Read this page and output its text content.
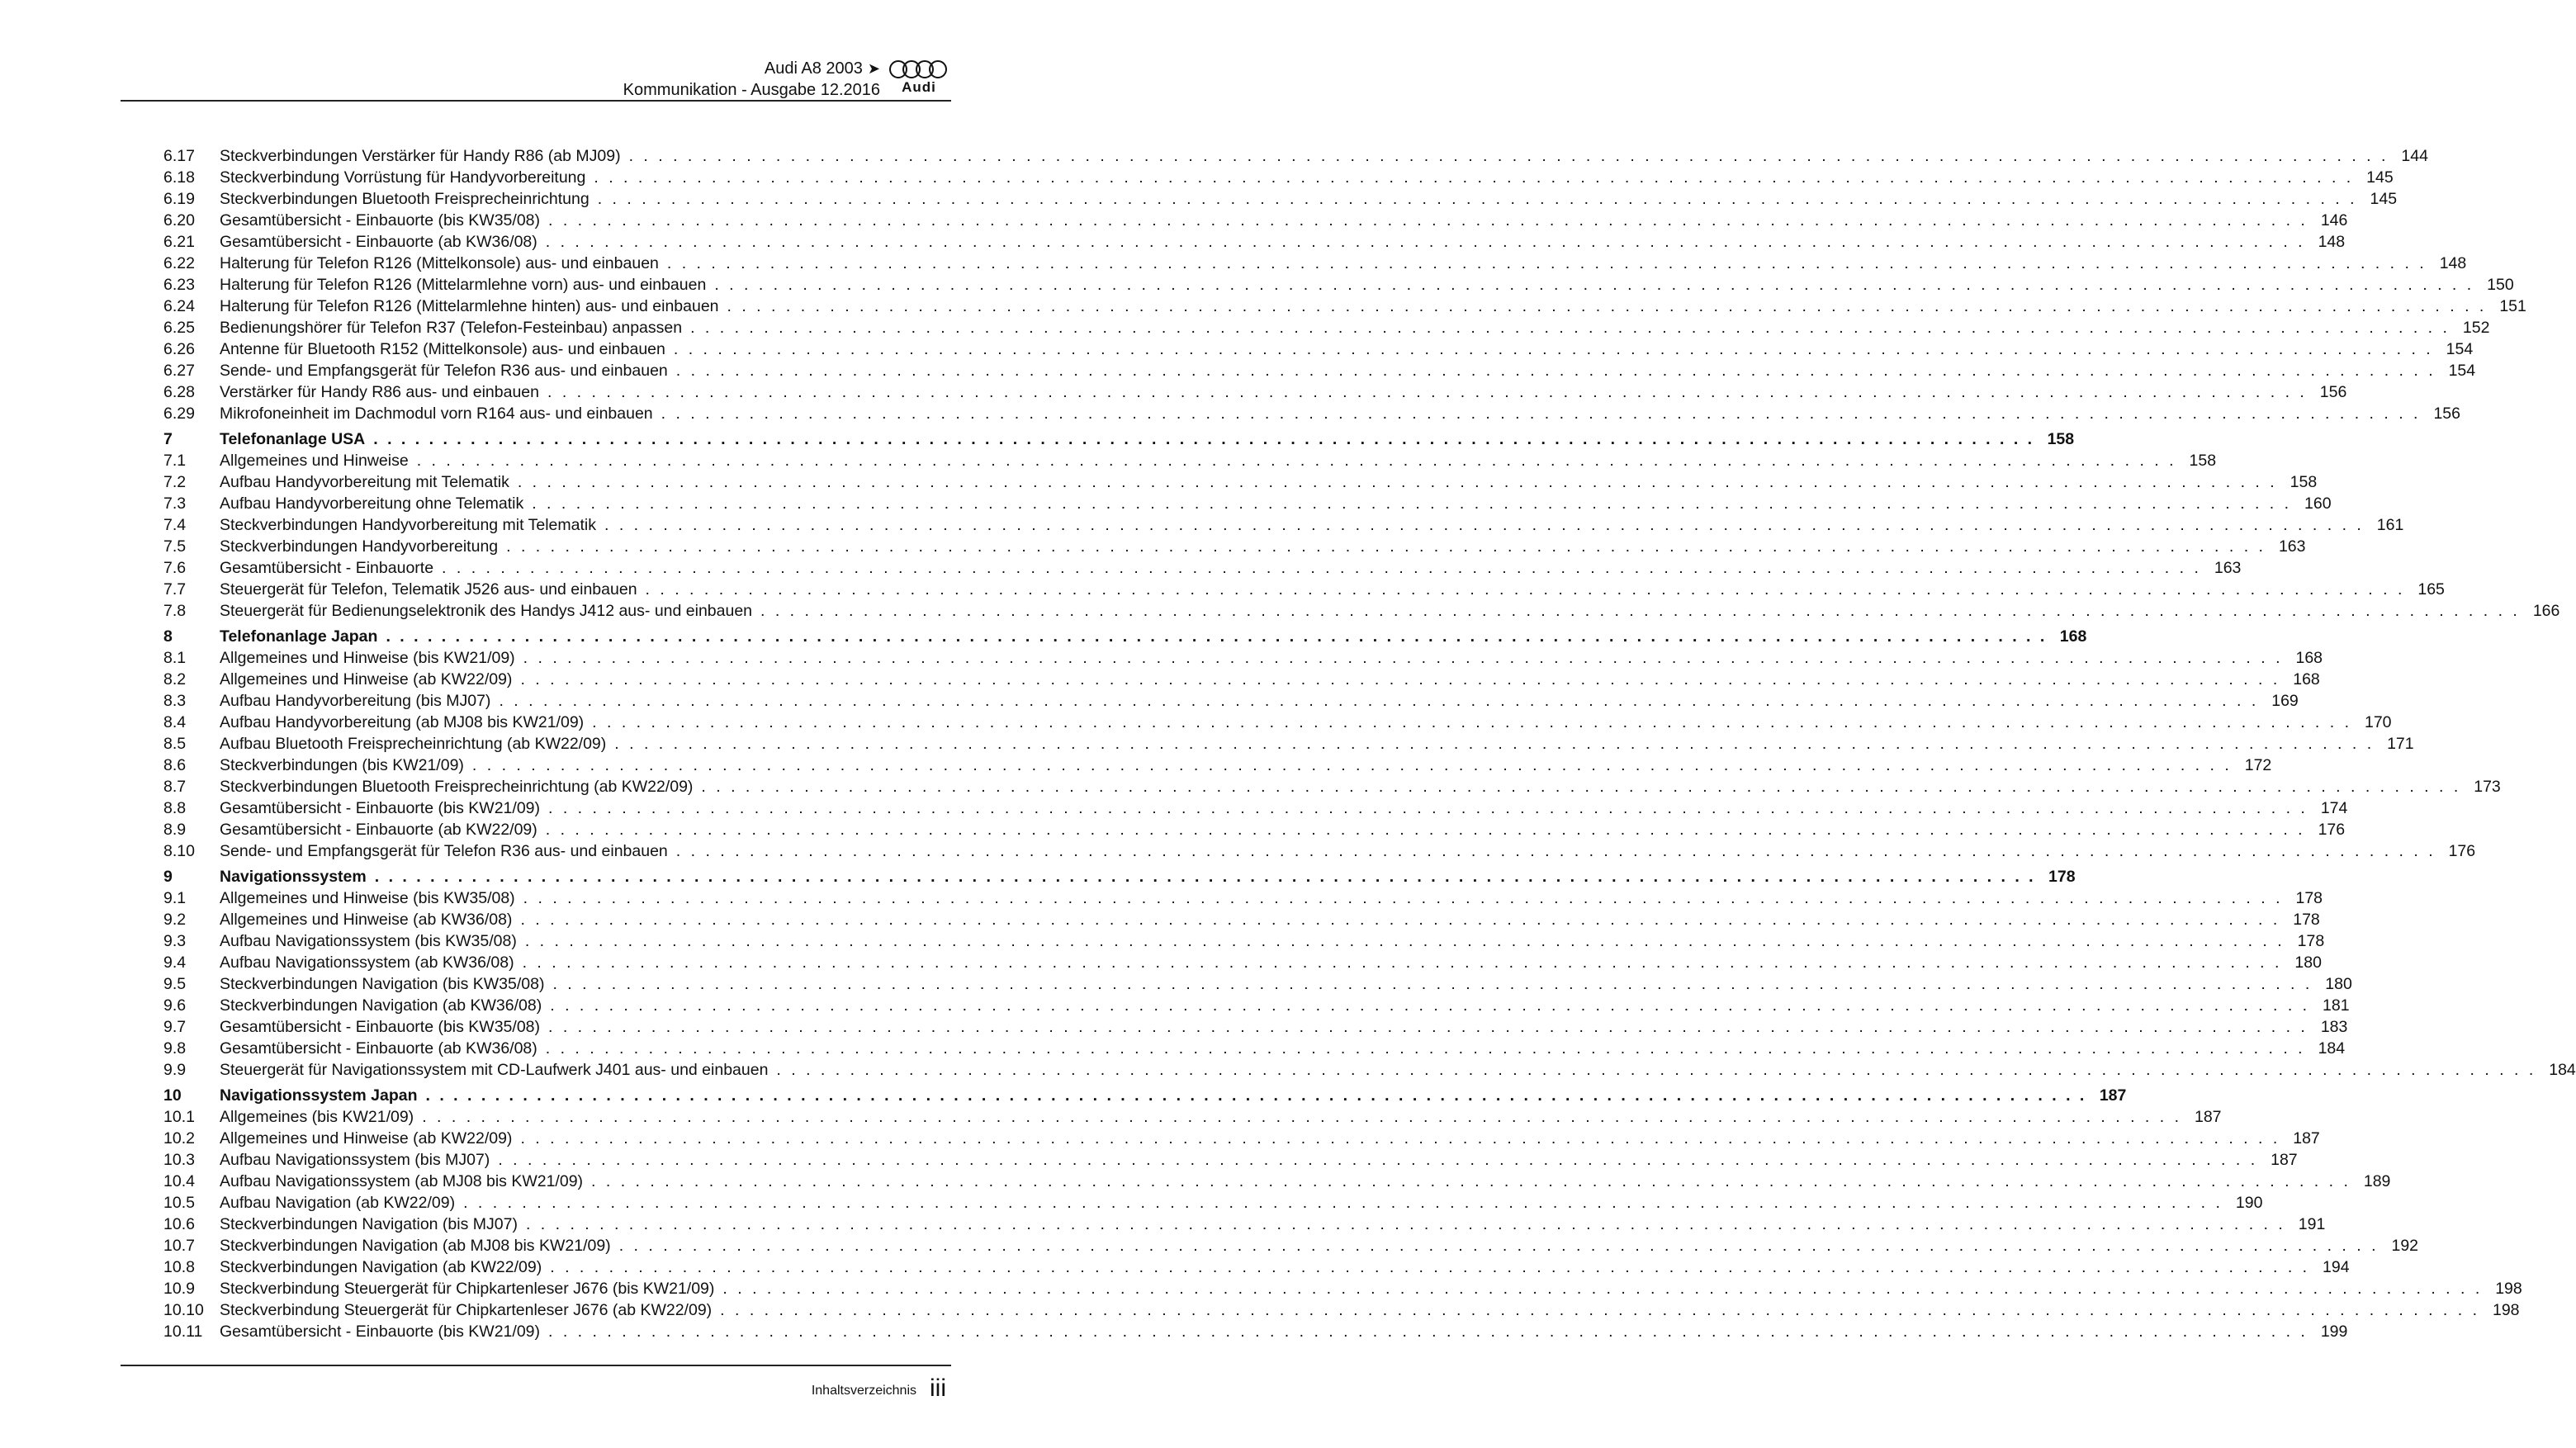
Audi A8 2003 ➤
Kommunikation - Ausgabe 12.2016	Audi
6.17	Steckverbindungen Verstärker für Handy R86 (ab MJ09) . . . . . . . . . . . . . . . . . . . . . . . . . . . . . . . . . . . . . . . . . . . . . . . . . . . . . . . . . . . . . . . . . . . . . . . . . . . . . . . . . . . . . . . . . . . . . . . . . . . . . . . . . . . . . . . . . . . . . . . . 144
6.18	Steckverbindung Vorrüstung für Handyvorbereitung . . . . . . . . . . . . . . . . . . . . . . . . . . . . . . . . . . . . . . . . . . . . . . . . . . . . . . . . . . . . . . . . . . . . . . . . . . . . . . . . . . . . . . . . . . . . . . . . . . . . . . . . . . . . . . . . . . . . . . . . 145
6.19	Steckverbindungen Bluetooth Freisprecheinrichtung . . . . . . . . . . . . . . . . . . . . . . . . . . . . . . . . . . . . . . . . . . . . . . . . . . . . . . . . . . . . . . . . . . . . . . . . . . . . . . . . . . . . . . . . . . . . . . . . . . . . . . . . . . . . . . . . . . . . . . . . 145
6.20	Gesamtübersicht - Einbauorte (bis KW35/08) . . . . . . . . . . . . . . . . . . . . . . . . . . . . . . . . . . . . . . . . . . . . . . . . . . . . . . . . . . . . . . . . . . . . . . . . . . . . . . . . . . . . . . . . . . . . . . . . . . . . . . . . . . . . . . . . . . . . . . . . 146
6.21	Gesamtübersicht - Einbauorte (ab KW36/08) . . . . . . . . . . . . . . . . . . . . . . . . . . . . . . . . . . . . . . . . . . . . . . . . . . . . . . . . . . . . . . . . . . . . . . . . . . . . . . . . . . . . . . . . . . . . . . . . . . . . . . . . . . . . . . . . . . . . . . . . 148
6.22	Halterung für Telefon R126 (Mittelkonsole) aus- und einbauen . . . . . . . . . . . . . . . . . . . . . . . . . . . . . . . . . . . . . . . . . . . . . . . . . . . . . . . . . . . . . . . . . . . . . . . . . . . . . . . . . . . . . . . . . . . . . . . . . . . . . . . . . . . . . . . . . . . . . . . . 148
6.23	Halterung für Telefon R126 (Mittelarmlehne vorn) aus- und einbauen . . . . . . . . . . . . . . . . . . . . . . . . . . . . . . . . . . . . . . . . . . . . . . . . . . . . . . . . . . . . . . . . . . . . . . . . . . . . . . . . . . . . . . . . . . . . . . . . . . . . . . . . . . . . . . . . . . . . . . . . 150
6.24	Halterung für Telefon R126 (Mittelarmlehne hinten) aus- und einbauen . . . . . . . . . . . . . . . . . . . . . . . . . . . . . . . . . . . . . . . . . . . . . . . . . . . . . . . . . . . . . . . . . . . . . . . . . . . . . . . . . . . . . . . . . . . . . . . . . . . . . . . . . . . . . . . . . . . . . . . . 151
6.25	Bedienungshörer für Telefon R37 (Telefon-Festeinbau) anpassen . . . . . . . . . . . . . . . . . . . . . . . . . . . . . . . . . . . . . . . . . . . . . . . . . . . . . . . . . . . . . . . . . . . . . . . . . . . . . . . . . . . . . . . . . . . . . . . . . . . . . . . . . . . . . . . . . . . . . . . . 152
6.26	Antenne für Bluetooth R152 (Mittelkonsole) aus- und einbauen . . . . . . . . . . . . . . . . . . . . . . . . . . . . . . . . . . . . . . . . . . . . . . . . . . . . . . . . . . . . . . . . . . . . . . . . . . . . . . . . . . . . . . . . . . . . . . . . . . . . . . . . . . . . . . . . . . . . . . . . 154
6.27	Sende- und Empfangsgerät für Telefon R36 aus- und einbauen . . . . . . . . . . . . . . . . . . . . . . . . . . . . . . . . . . . . . . . . . . . . . . . . . . . . . . . . . . . . . . . . . . . . . . . . . . . . . . . . . . . . . . . . . . . . . . . . . . . . . . . . . . . . . . . . . . . . . . . . 154
6.28	Verstärker für Handy R86 aus- und einbauen . . . . . . . . . . . . . . . . . . . . . . . . . . . . . . . . . . . . . . . . . . . . . . . . . . . . . . . . . . . . . . . . . . . . . . . . . . . . . . . . . . . . . . . . . . . . . . . . . . . . . . . . . . . . . . . . . . . . . . . . 156
6.29	Mikrofoneinheit im Dachmodul vorn R164 aus- und einbauen . . . . . . . . . . . . . . . . . . . . . . . . . . . . . . . . . . . . . . . . . . . . . . . . . . . . . . . . . . . . . . . . . . . . . . . . . . . . . . . . . . . . . . . . . . . . . . . . . . . . . . . . . . . . . . . . . . . . . . . . 156
7	Telefonanlage USA . . . . . . . . . . . . . . . . . . . . . . . . . . . . . . . . . . . . . . . . . . . . . . . . . . . . . . . . . . . . . . . . . . . . . . . . . . . . . . . . . . . . . . . . . . . . . . . . . . . . . . . . . . . . . . . . . . . . . . . . 158
7.1	Allgemeines und Hinweise . . . . . . . . . . . . . . . . . . . . . . . . . . . . . . . . . . . . . . . . . . . . . . . . . . . . . . . . . . . . . . . . . . . . . . . . . . . . . . . . . . . . . . . . . . . . . . . . . . . . . . . . . . . . . . . . . . . . . . . . 158
7.2	Aufbau Handyvorbereitung mit Telematik . . . . . . . . . . . . . . . . . . . . . . . . . . . . . . . . . . . . . . . . . . . . . . . . . . . . . . . . . . . . . . . . . . . . . . . . . . . . . . . . . . . . . . . . . . . . . . . . . . . . . . . . . . . . . . . . . . . . . . . . 158
7.3	Aufbau Handyvorbereitung ohne Telematik . . . . . . . . . . . . . . . . . . . . . . . . . . . . . . . . . . . . . . . . . . . . . . . . . . . . . . . . . . . . . . . . . . . . . . . . . . . . . . . . . . . . . . . . . . . . . . . . . . . . . . . . . . . . . . . . . . . . . . . . 160
7.4	Steckverbindungen Handyvorbereitung mit Telematik . . . . . . . . . . . . . . . . . . . . . . . . . . . . . . . . . . . . . . . . . . . . . . . . . . . . . . . . . . . . . . . . . . . . . . . . . . . . . . . . . . . . . . . . . . . . . . . . . . . . . . . . . . . . . . . . . . . . . . . . 161
7.5	Steckverbindungen Handyvorbereitung . . . . . . . . . . . . . . . . . . . . . . . . . . . . . . . . . . . . . . . . . . . . . . . . . . . . . . . . . . . . . . . . . . . . . . . . . . . . . . . . . . . . . . . . . . . . . . . . . . . . . . . . . . . . . . . . . . . . . . . . 163
7.6	Gesamtübersicht - Einbauorte . . . . . . . . . . . . . . . . . . . . . . . . . . . . . . . . . . . . . . . . . . . . . . . . . . . . . . . . . . . . . . . . . . . . . . . . . . . . . . . . . . . . . . . . . . . . . . . . . . . . . . . . . . . . . . . . . . . . . . . . 163
7.7	Steuergerät für Telefon, Telematik J526 aus- und einbauen . . . . . . . . . . . . . . . . . . . . . . . . . . . . . . . . . . . . . . . . . . . . . . . . . . . . . . . . . . . . . . . . . . . . . . . . . . . . . . . . . . . . . . . . . . . . . . . . . . . . . . . . . . . . . . . . . . . . . . . . 165
7.8	Steuergerät für Bedienungselektronik des Handys J412 aus- und einbauen . . . . . . . . . . . . . . . . . . . . . . . . . . . . . . . . . . . . . . . . . . . . . . . . . . . . . . . . . . . . . . . . . . . . . . . . . . . . . . . . . . . . . . . . . . . . . . . . . . . . . . . . . . . . . . . . . . . . . . . . 166
8	Telefonanlage Japan . . . . . . . . . . . . . . . . . . . . . . . . . . . . . . . . . . . . . . . . . . . . . . . . . . . . . . . . . . . . . . . . . . . . . . . . . . . . . . . . . . . . . . . . . . . . . . . . . . . . . . . . . . . . . . . . . . . . . . . . 168
8.1	Allgemeines und Hinweise (bis KW21/09) . . . . . . . . . . . . . . . . . . . . . . . . . . . . . . . . . . . . . . . . . . . . . . . . . . . . . . . . . . . . . . . . . . . . . . . . . . . . . . . . . . . . . . . . . . . . . . . . . . . . . . . . . . . . . . . . . . . . . . . . 168
8.2	Allgemeines und Hinweise (ab KW22/09) . . . . . . . . . . . . . . . . . . . . . . . . . . . . . . . . . . . . . . . . . . . . . . . . . . . . . . . . . . . . . . . . . . . . . . . . . . . . . . . . . . . . . . . . . . . . . . . . . . . . . . . . . . . . . . . . . . . . . . . . 168
8.3	Aufbau Handyvorbereitung (bis MJ07) . . . . . . . . . . . . . . . . . . . . . . . . . . . . . . . . . . . . . . . . . . . . . . . . . . . . . . . . . . . . . . . . . . . . . . . . . . . . . . . . . . . . . . . . . . . . . . . . . . . . . . . . . . . . . . . . . . . . . . . . 169
8.4	Aufbau Handyvorbereitung (ab MJ08 bis KW21/09) . . . . . . . . . . . . . . . . . . . . . . . . . . . . . . . . . . . . . . . . . . . . . . . . . . . . . . . . . . . . . . . . . . . . . . . . . . . . . . . . . . . . . . . . . . . . . . . . . . . . . . . . . . . . . . . . . . . . . . . . 170
8.5	Aufbau Bluetooth Freisprecheinrichtung (ab KW22/09) . . . . . . . . . . . . . . . . . . . . . . . . . . . . . . . . . . . . . . . . . . . . . . . . . . . . . . . . . . . . . . . . . . . . . . . . . . . . . . . . . . . . . . . . . . . . . . . . . . . . . . . . . . . . . . . . . . . . . . . . 171
8.6	Steckverbindungen (bis KW21/09) . . . . . . . . . . . . . . . . . . . . . . . . . . . . . . . . . . . . . . . . . . . . . . . . . . . . . . . . . . . . . . . . . . . . . . . . . . . . . . . . . . . . . . . . . . . . . . . . . . . . . . . . . . . . . . . . . . . . . . . . 172
8.7	Steckverbindungen Bluetooth Freisprecheinrichtung (ab KW22/09) . . . . . . . . . . . . . . . . . . . . . . . . . . . . . . . . . . . . . . . . . . . . . . . . . . . . . . . . . . . . . . . . . . . . . . . . . . . . . . . . . . . . . . . . . . . . . . . . . . . . . . . . . . . . . . . . . . . . . . . . 173
8.8	Gesamtübersicht - Einbauorte (bis KW21/09) . . . . . . . . . . . . . . . . . . . . . . . . . . . . . . . . . . . . . . . . . . . . . . . . . . . . . . . . . . . . . . . . . . . . . . . . . . . . . . . . . . . . . . . . . . . . . . . . . . . . . . . . . . . . . . . . . . . . . . . . 174
8.9	Gesamtübersicht - Einbauorte (ab KW22/09) . . . . . . . . . . . . . . . . . . . . . . . . . . . . . . . . . . . . . . . . . . . . . . . . . . . . . . . . . . . . . . . . . . . . . . . . . . . . . . . . . . . . . . . . . . . . . . . . . . . . . . . . . . . . . . . . . . . . . . . . 176
8.10	Sende- und Empfangsgerät für Telefon R36 aus- und einbauen . . . . . . . . . . . . . . . . . . . . . . . . . . . . . . . . . . . . . . . . . . . . . . . . . . . . . . . . . . . . . . . . . . . . . . . . . . . . . . . . . . . . . . . . . . . . . . . . . . . . . . . . . . . . . . . . . . . . . . . . 176
9	Navigationssystem . . . . . . . . . . . . . . . . . . . . . . . . . . . . . . . . . . . . . . . . . . . . . . . . . . . . . . . . . . . . . . . . . . . . . . . . . . . . . . . . . . . . . . . . . . . . . . . . . . . . . . . . . . . . . . . . . . . . . . . . 178
9.1	Allgemeines und Hinweise (bis KW35/08) . . . . . . . . . . . . . . . . . . . . . . . . . . . . . . . . . . . . . . . . . . . . . . . . . . . . . . . . . . . . . . . . . . . . . . . . . . . . . . . . . . . . . . . . . . . . . . . . . . . . . . . . . . . . . . . . . . . . . . . . 178
9.2	Allgemeines und Hinweise (ab KW36/08) . . . . . . . . . . . . . . . . . . . . . . . . . . . . . . . . . . . . . . . . . . . . . . . . . . . . . . . . . . . . . . . . . . . . . . . . . . . . . . . . . . . . . . . . . . . . . . . . . . . . . . . . . . . . . . . . . . . . . . . . 178
9.3	Aufbau Navigationssystem (bis KW35/08) . . . . . . . . . . . . . . . . . . . . . . . . . . . . . . . . . . . . . . . . . . . . . . . . . . . . . . . . . . . . . . . . . . . . . . . . . . . . . . . . . . . . . . . . . . . . . . . . . . . . . . . . . . . . . . . . . . . . . . . . 178
9.4	Aufbau Navigationssystem (ab KW36/08) . . . . . . . . . . . . . . . . . . . . . . . . . . . . . . . . . . . . . . . . . . . . . . . . . . . . . . . . . . . . . . . . . . . . . . . . . . . . . . . . . . . . . . . . . . . . . . . . . . . . . . . . . . . . . . . . . . . . . . . . 180
9.5	Steckverbindungen Navigation (bis KW35/08) . . . . . . . . . . . . . . . . . . . . . . . . . . . . . . . . . . . . . . . . . . . . . . . . . . . . . . . . . . . . . . . . . . . . . . . . . . . . . . . . . . . . . . . . . . . . . . . . . . . . . . . . . . . . . . . . . . . . . . . . 180
9.6	Steckverbindungen Navigation (ab KW36/08) . . . . . . . . . . . . . . . . . . . . . . . . . . . . . . . . . . . . . . . . . . . . . . . . . . . . . . . . . . . . . . . . . . . . . . . . . . . . . . . . . . . . . . . . . . . . . . . . . . . . . . . . . . . . . . . . . . . . . . . . 181
9.7	Gesamtübersicht - Einbauorte (bis KW35/08) . . . . . . . . . . . . . . . . . . . . . . . . . . . . . . . . . . . . . . . . . . . . . . . . . . . . . . . . . . . . . . . . . . . . . . . . . . . . . . . . . . . . . . . . . . . . . . . . . . . . . . . . . . . . . . . . . . . . . . . . 183
9.8	Gesamtübersicht - Einbauorte (ab KW36/08) . . . . . . . . . . . . . . . . . . . . . . . . . . . . . . . . . . . . . . . . . . . . . . . . . . . . . . . . . . . . . . . . . . . . . . . . . . . . . . . . . . . . . . . . . . . . . . . . . . . . . . . . . . . . . . . . . . . . . . . . 184
9.9	Steuergerät für Navigationssystem mit CD-Laufwerk J401 aus- und einbauen . . . . . . . . . . . . . . . . . . . . . . . . . . . . . . . . . . . . . . . . . . . . . . . . . . . . . . . . . . . . . . . . . . . . . . . . . . . . . . . . . . . . . . . . . . . . . . . . . . . . . . . . . . . . . . . . . . . . . . . . 184
10	Navigationssystem Japan . . . . . . . . . . . . . . . . . . . . . . . . . . . . . . . . . . . . . . . . . . . . . . . . . . . . . . . . . . . . . . . . . . . . . . . . . . . . . . . . . . . . . . . . . . . . . . . . . . . . . . . . . . . . . . . . . . . . . . . . 187
10.1	Allgemeines (bis KW21/09) . . . . . . . . . . . . . . . . . . . . . . . . . . . . . . . . . . . . . . . . . . . . . . . . . . . . . . . . . . . . . . . . . . . . . . . . . . . . . . . . . . . . . . . . . . . . . . . . . . . . . . . . . . . . . . . . . . . . . . . . 187
10.2	Allgemeines und Hinweise (ab KW22/09) . . . . . . . . . . . . . . . . . . . . . . . . . . . . . . . . . . . . . . . . . . . . . . . . . . . . . . . . . . . . . . . . . . . . . . . . . . . . . . . . . . . . . . . . . . . . . . . . . . . . . . . . . . . . . . . . . . . . . . . . 187
10.3	Aufbau Navigationssystem (bis MJ07) . . . . . . . . . . . . . . . . . . . . . . . . . . . . . . . . . . . . . . . . . . . . . . . . . . . . . . . . . . . . . . . . . . . . . . . . . . . . . . . . . . . . . . . . . . . . . . . . . . . . . . . . . . . . . . . . . . . . . . . . 187
10.4	Aufbau Navigationssystem (ab MJ08 bis KW21/09) . . . . . . . . . . . . . . . . . . . . . . . . . . . . . . . . . . . . . . . . . . . . . . . . . . . . . . . . . . . . . . . . . . . . . . . . . . . . . . . . . . . . . . . . . . . . . . . . . . . . . . . . . . . . . . . . . . . . . . . . 189
10.5	Aufbau Navigation (ab KW22/09) . . . . . . . . . . . . . . . . . . . . . . . . . . . . . . . . . . . . . . . . . . . . . . . . . . . . . . . . . . . . . . . . . . . . . . . . . . . . . . . . . . . . . . . . . . . . . . . . . . . . . . . . . . . . . . . . . . . . . . . . 190
10.6	Steckverbindungen Navigation (bis MJ07) . . . . . . . . . . . . . . . . . . . . . . . . . . . . . . . . . . . . . . . . . . . . . . . . . . . . . . . . . . . . . . . . . . . . . . . . . . . . . . . . . . . . . . . . . . . . . . . . . . . . . . . . . . . . . . . . . . . . . . . . 191
10.7	Steckverbindungen Navigation (ab MJ08 bis KW21/09) . . . . . . . . . . . . . . . . . . . . . . . . . . . . . . . . . . . . . . . . . . . . . . . . . . . . . . . . . . . . . . . . . . . . . . . . . . . . . . . . . . . . . . . . . . . . . . . . . . . . . . . . . . . . . . . . . . . . . . . . 192
10.8	Steckverbindungen Navigation (ab KW22/09) . . . . . . . . . . . . . . . . . . . . . . . . . . . . . . . . . . . . . . . . . . . . . . . . . . . . . . . . . . . . . . . . . . . . . . . . . . . . . . . . . . . . . . . . . . . . . . . . . . . . . . . . . . . . . . . . . . . . . . . . 194
10.9	Steckverbindung Steuergerät für Chipkartenleser J676 (bis KW21/09) . . . . . . . . . . . . . . . . . . . . . . . . . . . . . . . . . . . . . . . . . . . . . . . . . . . . . . . . . . . . . . . . . . . . . . . . . . . . . . . . . . . . . . . . . . . . . . . . . . . . . . . . . . . . . . . . . . . . . . . . 198
10.10 Steckverbindung Steuergerät für Chipkartenleser J676 (ab KW22/09) . . . . . . . . . . . . . . . . . . . . . . . . . . . . . . . . . . . . . . . . . . . . . . . . . . . . . . . . . . . . . . . . . . . . . . . . . . . . . . . . . . . . . . . . . . . . . . . . . . . . . . . . . . . . . . . . . . . . . . . . 198
10.11	Gesamtübersicht - Einbauorte (bis KW21/09) . . . . . . . . . . . . . . . . . . . . . . . . . . . . . . . . . . . . . . . . . . . . . . . . . . . . . . . . . . . . . . . . . . . . . . . . . . . . . . . . . . . . . . . . . . . . . . . . . . . . . . . . . . . . . . . . . . . . . . . . 199
Inhaltsverzeichnis iii
